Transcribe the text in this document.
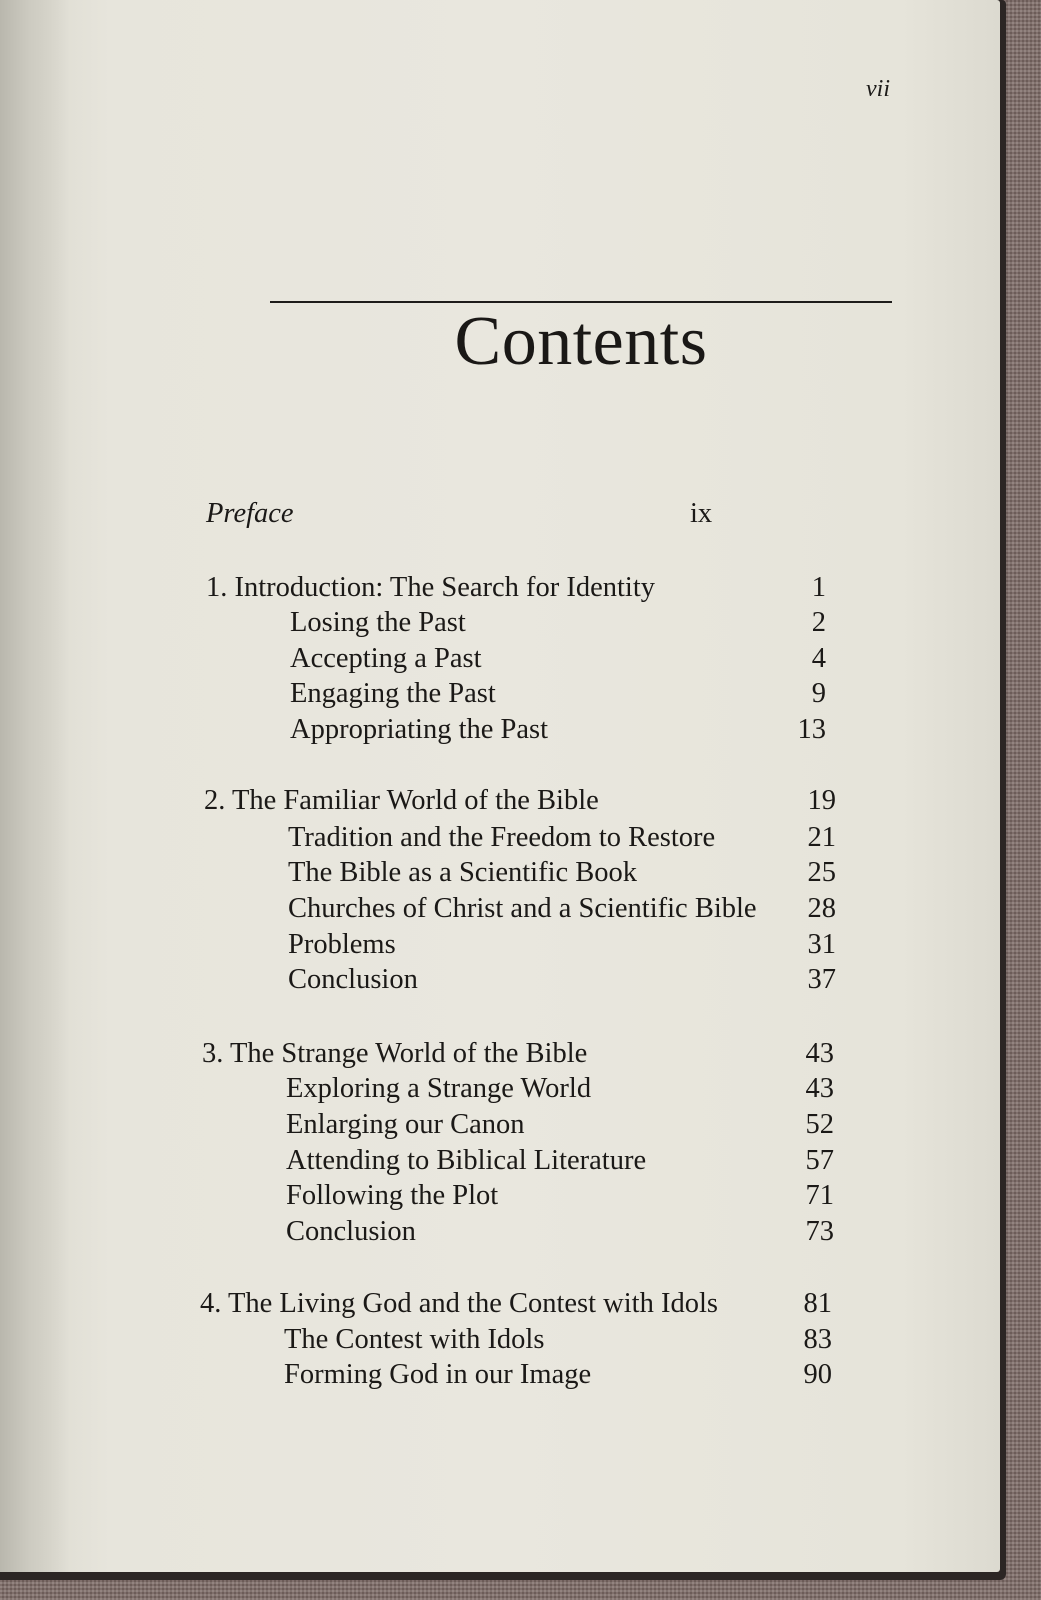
vii
Contents
Preface	ix
1. Introduction: The Search for Identity	1
Losing the Past	2
Accepting a Past	4
Engaging the Past	9
Appropriating the Past	13
2. The Familiar World of the Bible	19
Tradition and the Freedom to Restore	21
The Bible as a Scientific Book	25
Churches of Christ and a Scientific Bible	28
Problems	31
Conclusion	37
3. The Strange World of the Bible	43
Exploring a Strange World	43
Enlarging our Canon	52
Attending to Biblical Literature	57
Following the Plot	71
Conclusion	73
4. The Living God and the Contest with Idols	81
The Contest with Idols	83
Forming God in our Image	90
